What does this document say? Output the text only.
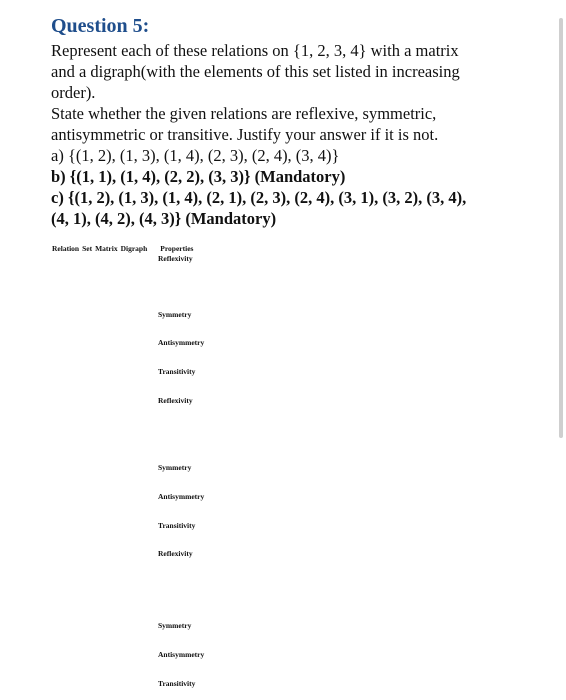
Question 5:
Represent each of these relations on {1, 2, 3, 4} with a matrix
and a digraph(with the elements of this set listed in increasing
order).
State whether the given relations are reflexive, symmetric,
antisymmetric or transitive. Justify your answer if it is not.
a) {(1, 2), (1, 3), (1, 4), (2, 3), (2, 4), (3, 4)}
b) {(1, 1), (1, 4), (2, 2), (3, 3)} (Mandatory)
c) {(1, 2), (1, 3), (1, 4), (2, 1), (2, 3), (2, 4), (3, 1), (3, 2), (3, 4),
(4, 1), (4, 2), (4, 3)} (Mandatory)
Relation Set Matrix Digraph Properties
Reflexivity
Symmetry
Antisymmetry
Transitivity
Reflexivity
Symmetry
Antisymmetry
Transitivity
Reflexivity
Symmetry
Antisymmetry
Transitivity
